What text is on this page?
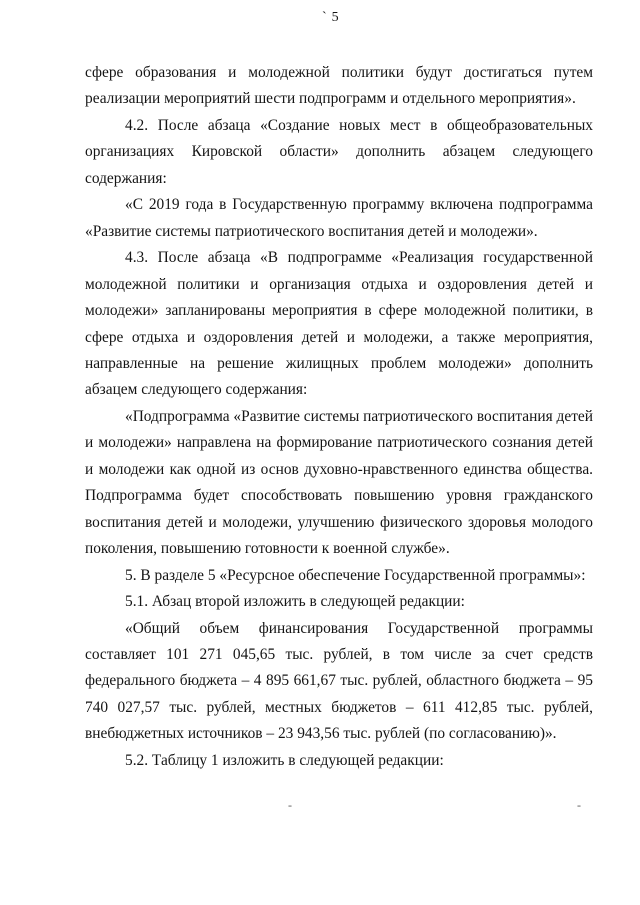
` 5

сфере образования и молодежной политики будут достигаться путем реализации мероприятий шести подпрограмм и отдельного мероприятия».

4.2. После абзаца «Создание новых мест в общеобразовательных организациях Кировской области» дополнить абзацем следующего содержания:

«С 2019 года в Государственную программу включена подпрограмма «Развитие системы патриотического воспитания детей и молодежи».

4.3. После абзаца «В подпрограмме «Реализация государственной молодежной политики и организация отдыха и оздоровления детей и молодежи» запланированы мероприятия в сфере молодежной политики, в сфере отдыха и оздоровления детей и молодежи, а также мероприятия, направленные на решение жилищных проблем молодежи» дополнить абзацем следующего содержания:

«Подпрограмма «Развитие системы патриотического воспитания детей и молодежи» направлена на формирование патриотического сознания детей и молодежи как одной из основ духовно-нравственного единства общества. Подпрограмма будет способствовать повышению уровня гражданского воспитания детей и молодежи, улучшению физического здоровья молодого поколения, повышению готовности к военной службе».

5. В разделе 5 «Ресурсное обеспечение Государственной программы»:

5.1. Абзац второй изложить в следующей редакции:

«Общий объем финансирования Государственной программы составляет 101 271 045,65 тыс. рублей, в том числе за счет средств федерального бюджета – 4 895 661,67 тыс. рублей, областного бюджета – 95 740 027,57 тыс. рублей, местных бюджетов – 611 412,85 тыс. рублей, внебюджетных источников – 23 943,56 тыс. рублей (по согласованию)».

5.2. Таблицу 1 изложить в следующей редакции:

-	-
